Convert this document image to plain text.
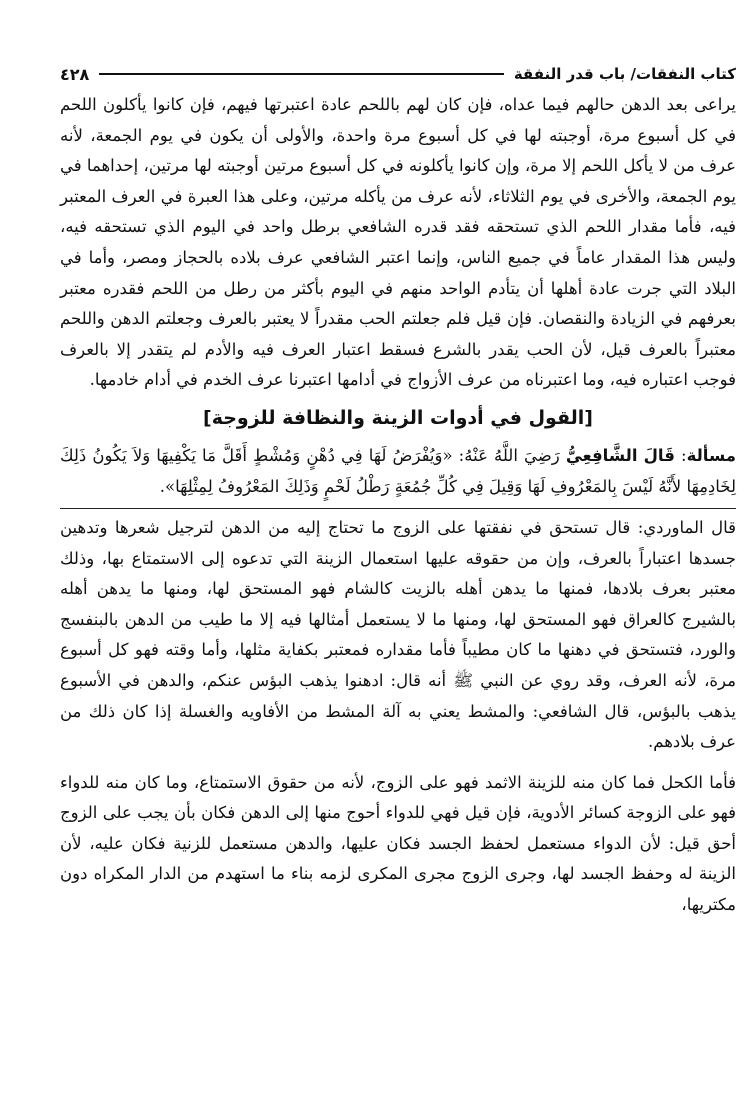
كتاب النفقات/ باب قدر النفقة
٤٢٨

يراعى بعد الدهن حالهم فيما عداه، فإن كان لهم باللحم عادة اعتبرتها فيهم، فإن كانوا يأكلون اللحم في كل أسبوع مرة، أوجبته لها في كل أسبوع مرة واحدة، والأولى أن يكون في يوم الجمعة، لأنه عرف من لا يأكل اللحم إلا مرة، وإن كانوا يأكلونه في كل أسبوع مرتين أوجبته لها مرتين، إحداهما في يوم الجمعة، والأخرى في يوم الثلاثاء، لأنه عرف من يأكله مرتين، وعلى هذا العبرة في العرف المعتبر فيه، فأما مقدار اللحم الذي تستحقه فقد قدره الشافعي برطل واحد في اليوم الذي تستحقه فيه، وليس هذا المقدار عاماً في جميع الناس، وإنما اعتبر الشافعي عرف بلاده بالحجاز ومصر، وأما في البلاد التي جرت عادة أهلها أن يتأدم الواحد منهم في اليوم بأكثر من رطل من اللحم فقدره معتبر بعرفهم في الزيادة والنقصان. فإن قيل فلم جعلتم الحب مقدراً لا يعتبر بالعرف وجعلتم الدهن واللحم معتبراً بالعرف قيل، لأن الحب يقدر بالشرع فسقط اعتبار العرف فيه والأدم لم يتقدر إلا بالعرف فوجب اعتباره فيه، وما اعتبرناه من عرف الأزواج في أدامها اعتبرنا عرف الخدم في أدام خادمها.

[القول في أدوات الزينة والنظافة للزوجة]

مسألة: قَالَ الشَّافِعِيُّ رَضِيَ اللَّهُ عَنْهُ: «وَيُفْرَضُ لَهَا فِي دُهْنٍ وَمُشْطٍ أَقَلَّ مَا يَكْفِيهَا وَلاَ يَكُونُ ذَلِكَ لِخَادِمِهَا لأَنَّهُ لَيْسَ بِالمَعْرُوفِ لَهَا وَقِيلَ فِي كُلِّ جُمُعَةٍ رَطْلُ لَحْمٍ وَذَلِكَ المَعْرُوفُ لِمِثْلِهَا».

قال الماوردي: قال تستحق في نفقتها على الزوج ما تحتاج إليه من الدهن لترجيل شعرها وتدهين جسدها اعتباراً بالعرف، وإن من حقوقه عليها استعمال الزينة التي تدعوه إلى الاستمتاع بها، وذلك معتبر بعرف بلادها، فمنها ما يدهن أهله بالزيت كالشام فهو المستحق لها، ومنها ما يدهن أهله بالشيرج كالعراق فهو المستحق لها، ومنها ما لا يستعمل أمثالها فيه إلا ما طيب من الدهن بالبنفسج والورد، فتستحق في دهنها ما كان مطيباً فأما مقداره فمعتبر بكفاية مثلها، وأما وقته فهو كل أسبوع مرة، لأنه العرف، وقد روي عن النبي ﷺ أنه قال: ادهنوا يذهب البؤس عنكم، والدهن في الأسبوع يذهب بالبؤس، قال الشافعي: والمشط يعني به آلة المشط من الأفاويه والغسلة إذا كان ذلك من عرف بلادهم.

فأما الكحل فما كان منه للزينة الاثمد فهو على الزوج، لأنه من حقوق الاستمتاع، وما كان منه للدواء فهو على الزوجة كسائر الأدوية، فإن قيل فهي للدواء أحوج منها إلى الدهن فكان بأن يجب على الزوج أحق قيل: لأن الدواء مستعمل لحفظ الجسد فكان عليها، والدهن مستعمل للزنية فكان عليه، لأن الزينة له وحفظ الجسد لها، وجرى الزوج مجرى المكرى لزمه بناء ما استهدم من الدار المكراه دون مكتريها،
